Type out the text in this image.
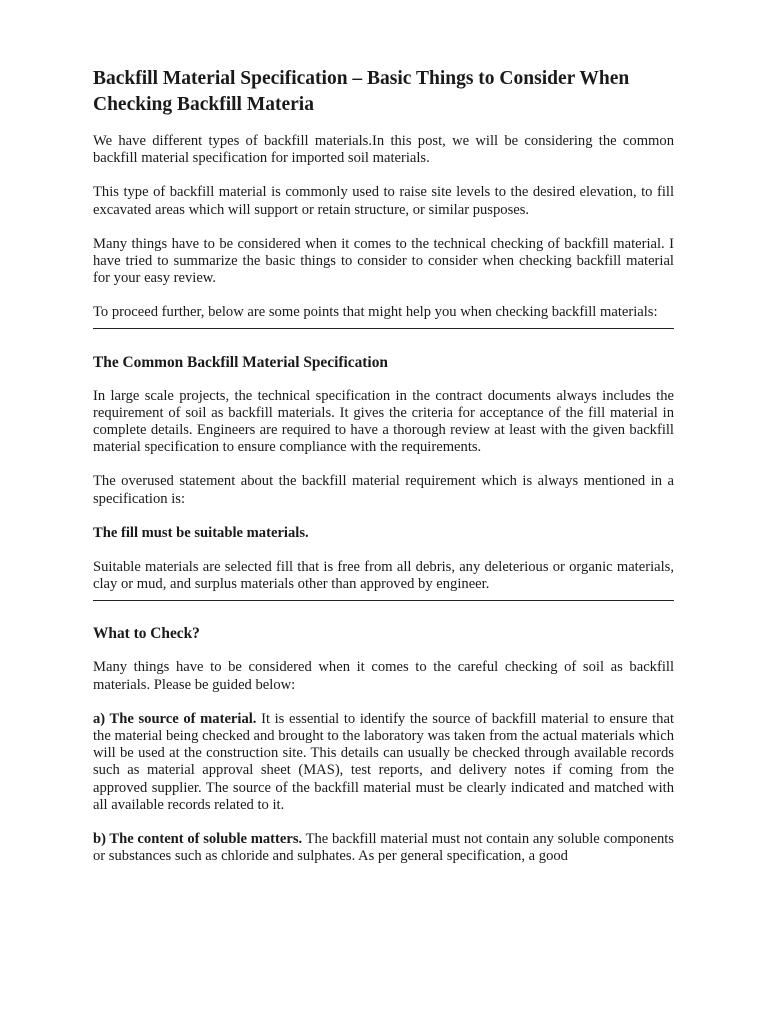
Backfill Material Specification – Basic Things to Consider When Checking Backfill Materia

We have different types of backfill materials.In this post, we will be considering the common backfill material specification for imported soil materials.

This type of backfill material is commonly used to raise site levels to the desired elevation, to fill excavated areas which will support or retain structure, or similar pusposes.

Many things have to be considered when it comes to the technical checking of backfill material. I have tried to summarize the basic things to consider to consider when checking backfill material for your easy review.

To proceed further, below are some points that might help you when checking backfill materials:

The Common Backfill Material Specification

In large scale projects, the technical specification in the contract documents always includes the requirement of soil as backfill materials. It gives the criteria for acceptance of the fill material in complete details. Engineers are required to have a thorough review at least with the given backfill material specification to ensure compliance with the requirements.

The overused statement about the backfill material requirement which is always mentioned in a specification is:

The fill must be suitable materials.

Suitable materials are selected fill that is free from all debris, any deleterious or organic materials, clay or mud, and surplus materials other than approved by engineer.

What to Check?

Many things have to be considered when it comes to the careful checking of soil as backfill materials. Please be guided below:

a) The source of material. It is essential to identify the source of backfill material to ensure that the material being checked and brought to the laboratory was taken from the actual materials which will be used at the construction site. This details can usually be checked through available records such as material approval sheet (MAS), test reports, and delivery notes if coming from the approved supplier. The source of the backfill material must be clearly indicated and matched with all available records related to it.

b) The content of soluble matters. The backfill material must not contain any soluble components or substances such as chloride and sulphates. As per general specification, a good
